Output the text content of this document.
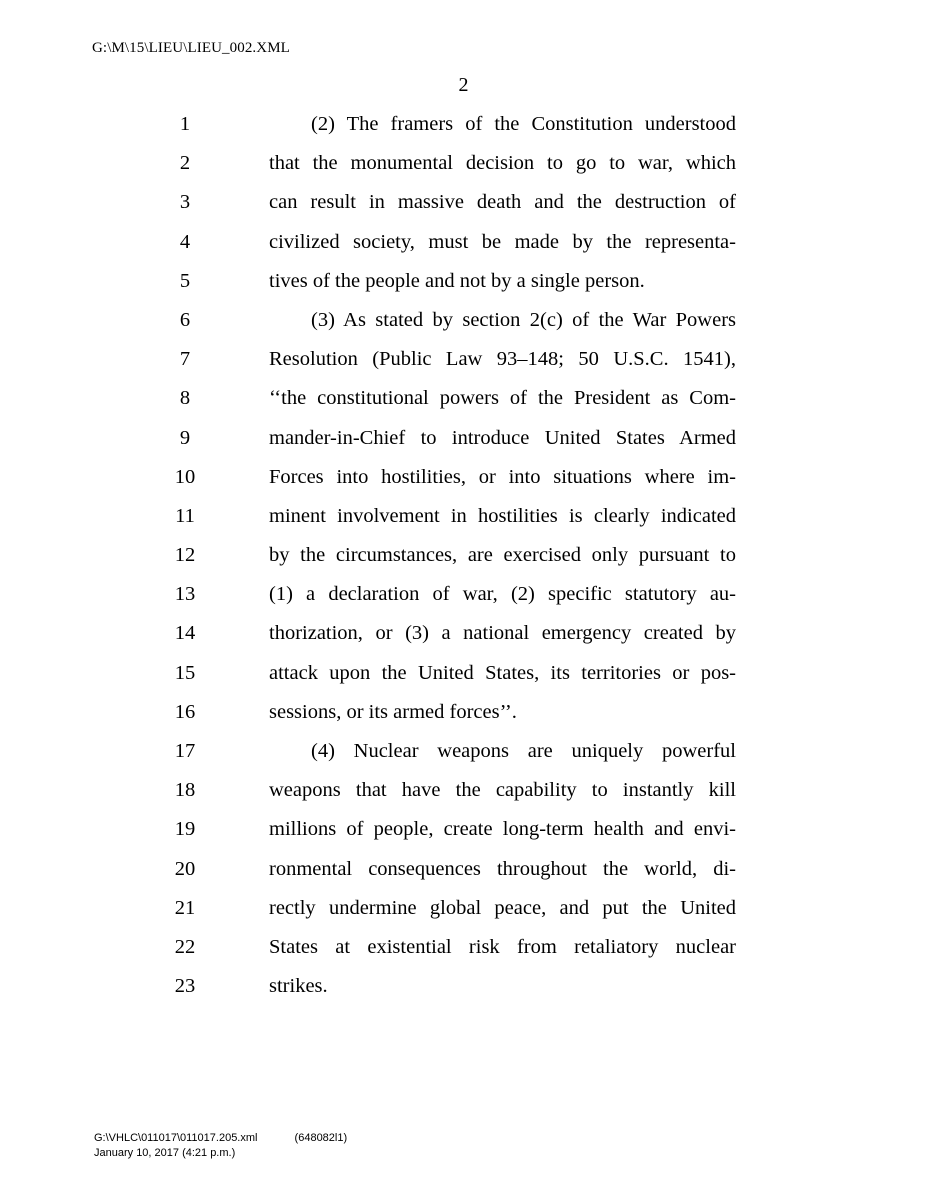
G:\M\15\LIEU\LIEU_002.XML
2
1	(2) The framers of the Constitution understood
2	that the monumental decision to go to war, which
3	can result in massive death and the destruction of
4	civilized society, must be made by the representa-
5	tives of the people and not by a single person.
6	(3) As stated by section 2(c) of the War Powers
7	Resolution (Public Law 93–148; 50 U.S.C. 1541),
8	‘‘the constitutional powers of the President as Com-
9	mander-in-Chief to introduce United States Armed
10	Forces into hostilities, or into situations where im-
11	minent involvement in hostilities is clearly indicated
12	by the circumstances, are exercised only pursuant to
13	(1) a declaration of war, (2) specific statutory au-
14	thorization, or (3) a national emergency created by
15	attack upon the United States, its territories or pos-
16	sessions, or its armed forces’’.
17	(4) Nuclear weapons are uniquely powerful
18	weapons that have the capability to instantly kill
19	millions of people, create long-term health and envi-
20	ronmental consequences throughout the world, di-
21	rectly undermine global peace, and put the United
22	States at existential risk from retaliatory nuclear
23	strikes.
G:\VHLC\011017\011017.205.xml	(648082l1)
January 10, 2017 (4:21 p.m.)
